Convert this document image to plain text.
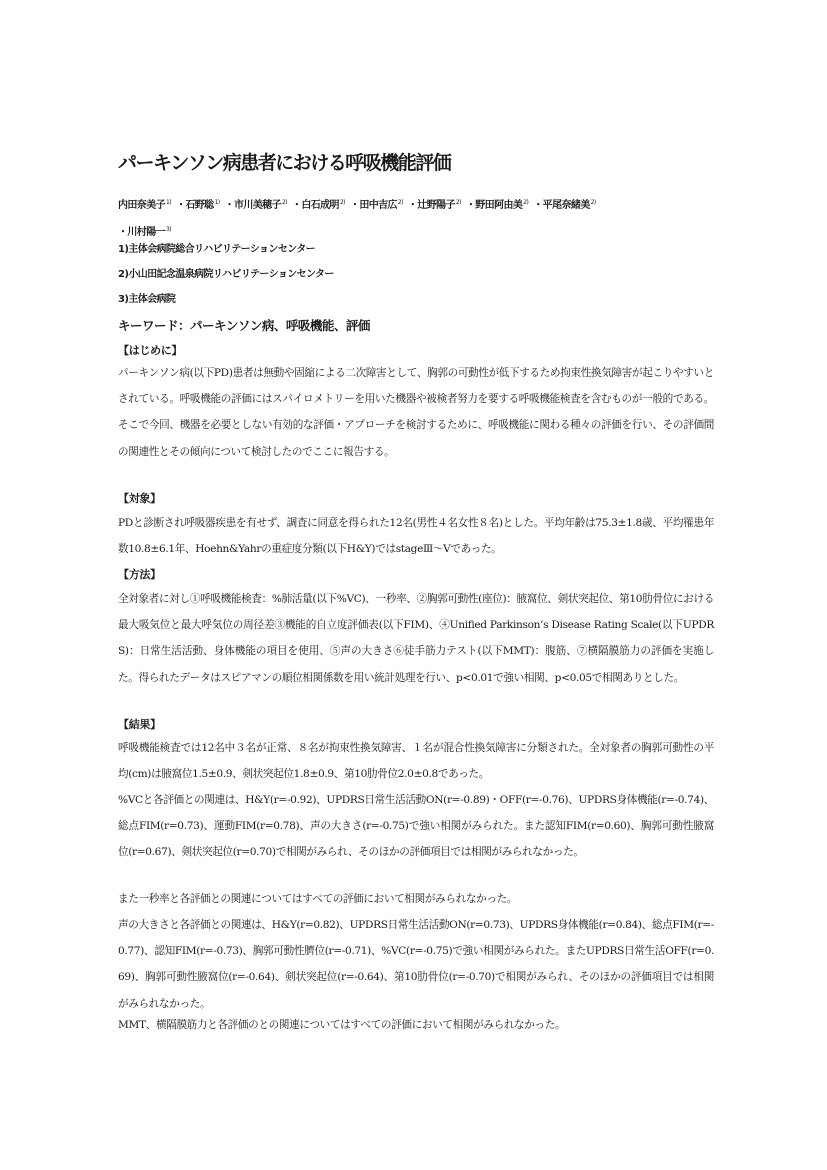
パーキンソン病患者における呼吸機能評価
内田奈美子$^{1)}$ ・石野聡$^{1)}$ ・市川美穂子$^{2)}$ ・白石成明$^{2)}$ ・田中吉広$^{2)}$ ・辻野陽子$^{2)}$ ・野田阿由美$^{2)}$ ・平尾奈緒美$^{2)}$
・川村陽一$^{3)}$
1)主体会病院総合リハビリテーションセンター
2)小山田記念温泉病院リハビリテーションセンター
3)主体会病院
キーワード：パーキンソン病、呼吸機能、評価
【はじめに】
パーキンソン病(以下PD)患者は無動や固縮による二次障害として、胸郭の可動性が低下するため拘束性換気障害が起こりやすいとされている。呼吸機能の評価にはスパイロメトリーを用いた機器や被検者努力を要する呼吸機能検査を含むものが一般的である。そこで今回、機器を必要としない有効的な評価・アプローチを検討するために、呼吸機能に関わる種々の評価を行い、その評価間の関連性とその傾向について検討したのでここに報告する。
【対象】
PDと診断され呼吸器疾患を有せず、調査に同意を得られた12名(男性４名女性８名)とした。平均年齢は75.3±1.8歳、平均罹患年数10.8±6.1年、Hoehn&Yahrの重症度分類(以下H&Y)ではstageⅢ～Ⅴであった。
【方法】
全対象者に対し①呼吸機能検査：%肺活量(以下%VC)、一秒率、②胸郭可動性(座位)：腋窩位、剣状突起位、第10肋骨位における最大吸気位と最大呼気位の周径差③機能的自立度評価表(以下FIM)、④Unified Parkinson’s Disease Rating Scale(以下UPDRS)：日常生活活動、身体機能の項目を使用、⑤声の大きさ⑥徒手筋力テスト(以下MMT)：腹筋、⑦横隔膜筋力の評価を実施した。得られたデータはスピアマンの順位相関係数を用い統計処理を行い、p<0.01で強い相関、p<0.05で相関ありとした。
【結果】
呼吸機能検査では12名中３名が正常、８名が拘束性換気障害、１名が混合性換気障害に分類された。全対象者の胸郭可動性の平均(cm)は腋窩位1.5±0.9、剣状突起位1.8±0.9、第10肋骨位2.0±0.8であった。
%VCと各評価との関連は、H&Y(r=-0.92)、UPDRS日常生活活動ON(r=-0.89)・OFF(r=-0.76)、UPDRS身体機能(r=-0.74)、総点FIM(r=0.73)、運動FIM(r=0.78)、声の大きさ(r=-0.75)で強い相関がみられた。また認知FIM(r=0.60)、胸郭可動性腋窩位(r=0.67)、剣状突起位(r=0.70)で相関がみられ、そのほかの評価項目では相関がみられなかった。
また一秒率と各評価との関連についてはすべての評価において相関がみられなかった。
声の大きさと各評価との関連は、H&Y(r=0.82)、UPDRS日常生活活動ON(r=0.73)、UPDRS身体機能(r=0.84)、総点FIM(r=-0.77)、認知FIM(r=-0.73)、胸郭可動性臍位(r=-0.71)、%VC(r=-0.75)で強い相関がみられた。またUPDRS日常生活OFF(r=0.69)、胸郭可動性腋窩位(r=-0.64)、剣状突起位(r=-0.64)、第10肋骨位(r=-0.70)で相関がみられ、そのほかの評価項目では相関がみられなかった。
MMT、横隔膜筋力と各評価のとの関連についてはすべての評価において相関がみられなかった。
